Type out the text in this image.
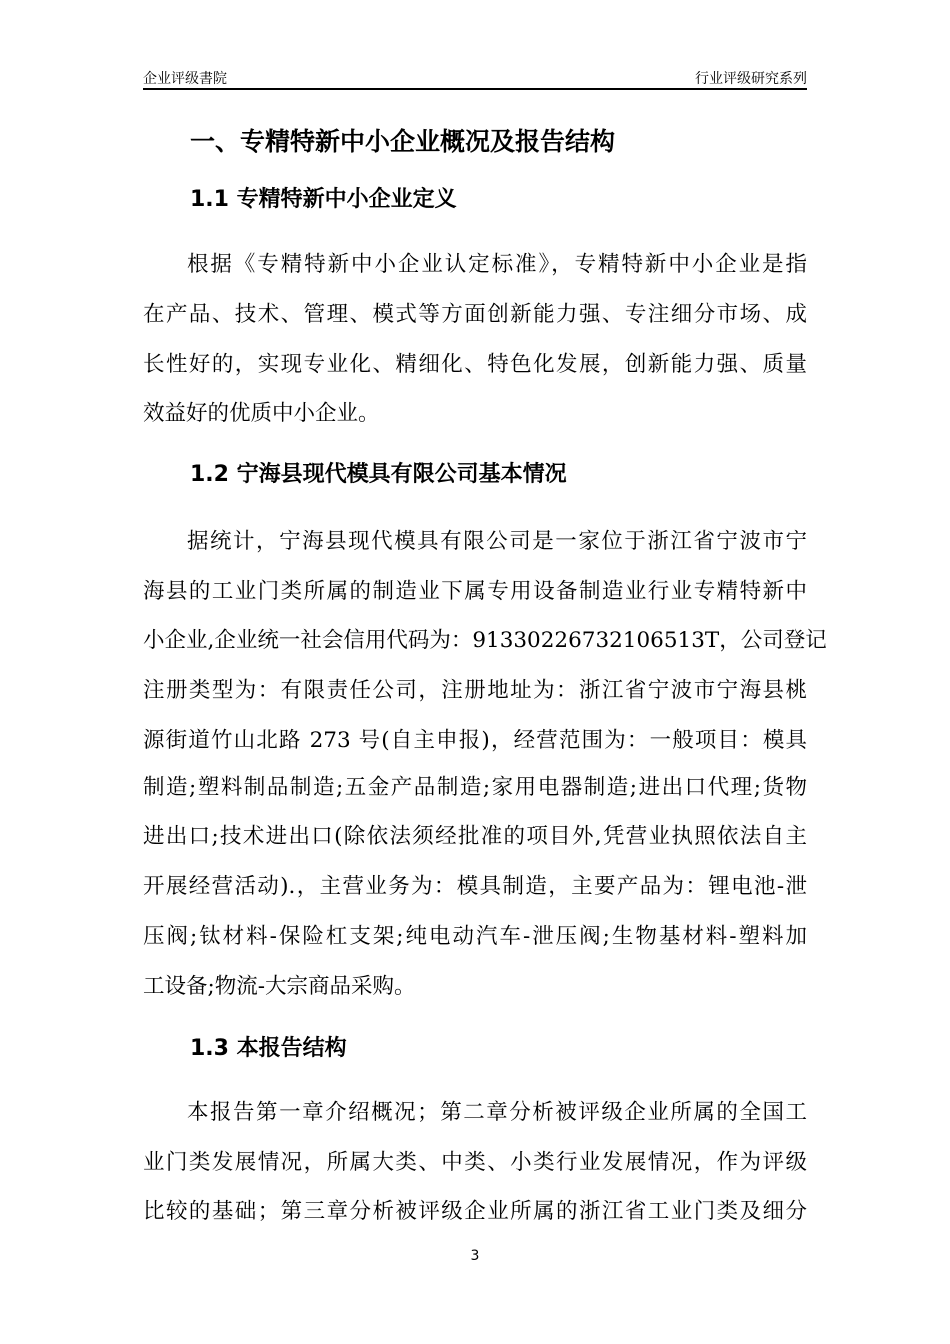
企业评级書院	行业评级研究系列
一、专精特新中小企业概况及报告结构
1.1 专精特新中小企业定义
根据《专精特新中小企业认定标准》，专精特新中小企业是指
在产品、技术、管理、模式等方面创新能力强、专注细分市场、成
长性好的，实现专业化、精细化、特色化发展，创新能力强、质量
效益好的优质中小企业。
1.2 宁海县现代模具有限公司基本情况
据统计，宁海县现代模具有限公司是一家位于浙江省宁波市宁
海县的工业门类所属的制造业下属专用设备制造业行业专精特新中
小企业,企业统一社会信用代码为：91330226732106513T，公司登记
注册类型为：有限责任公司，注册地址为：浙江省宁波市宁海县桃
源街道竹山北路 273 号(自主申报)，经营范围为：一般项目：模具
制造;塑料制品制造;五金产品制造;家用电器制造;进出口代理;货物
进出口;技术进出口(除依法须经批准的项目外,凭营业执照依法自主
开展经营活动).，主营业务为：模具制造，主要产品为：锂电池-泄
压阀;钛材料-保险杠支架;纯电动汽车-泄压阀;生物基材料-塑料加
工设备;物流-大宗商品采购。
1.3 本报告结构
本报告第一章介绍概况；第二章分析被评级企业所属的全国工
业门类发展情况，所属大类、中类、小类行业发展情况，作为评级
比较的基础；第三章分析被评级企业所属的浙江省工业门类及细分
3
